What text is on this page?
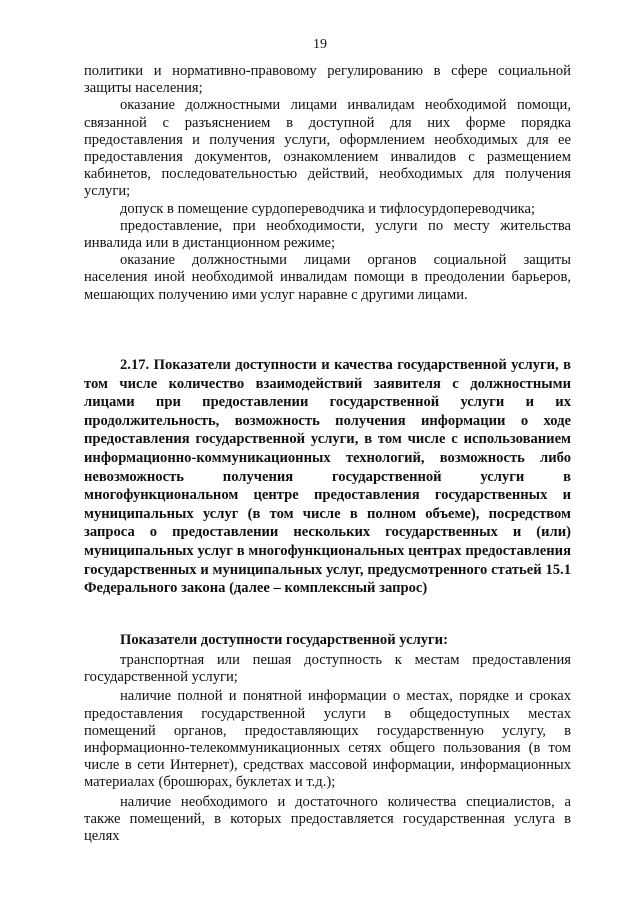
19

политики и нормативно-правовому регулированию в сфере социальной защиты населения;

оказание должностными лицами инвалидам необходимой помощи, связанной с разъяснением в доступной для них форме порядка предоставления и получения услуги, оформлением необходимых для ее предоставления документов, ознакомлением инвалидов с размещением кабинетов, последовательностью действий, необходимых для получения услуги;

допуск в помещение сурдопереводчика и тифлосурдопереводчика;

предоставление, при необходимости, услуги по месту жительства инвалида или в дистанционном режиме;

оказание должностными лицами органов социальной защиты населения иной необходимой инвалидам помощи в преодолении барьеров, мешающих получению ими услуг наравне с другими лицами.

2.17. Показатели доступности и качества государственной услуги, в том числе количество взаимодействий заявителя с должностными лицами при предоставлении государственной услуги и их продолжительность, возможность получения информации о ходе предоставления государственной услуги, в том числе с использованием информационно-коммуникационных технологий, возможность либо невозможность получения государственной услуги в многофункциональном центре предоставления государственных и муниципальных услуг (в том числе в полном объеме), посредством запроса о предоставлении нескольких государственных и (или) муниципальных услуг в многофункциональных центрах предоставления государственных и муниципальных услуг, предусмотренного статьей 15.1 Федерального закона (далее – комплексный запрос)

Показатели доступности государственной услуги:

транспортная или пешая доступность к местам предоставления государственной услуги;

наличие полной и понятной информации о местах, порядке и сроках предоставления государственной услуги в общедоступных местах помещений органов, предоставляющих государственную услугу, в информационно-телекоммуникационных сетях общего пользования (в том числе в сети Интернет), средствах массовой информации, информационных материалах (брошюрах, буклетах и т.д.);

наличие необходимого и достаточного количества специалистов, а также помещений, в которых предоставляется государственная услуга в целях
